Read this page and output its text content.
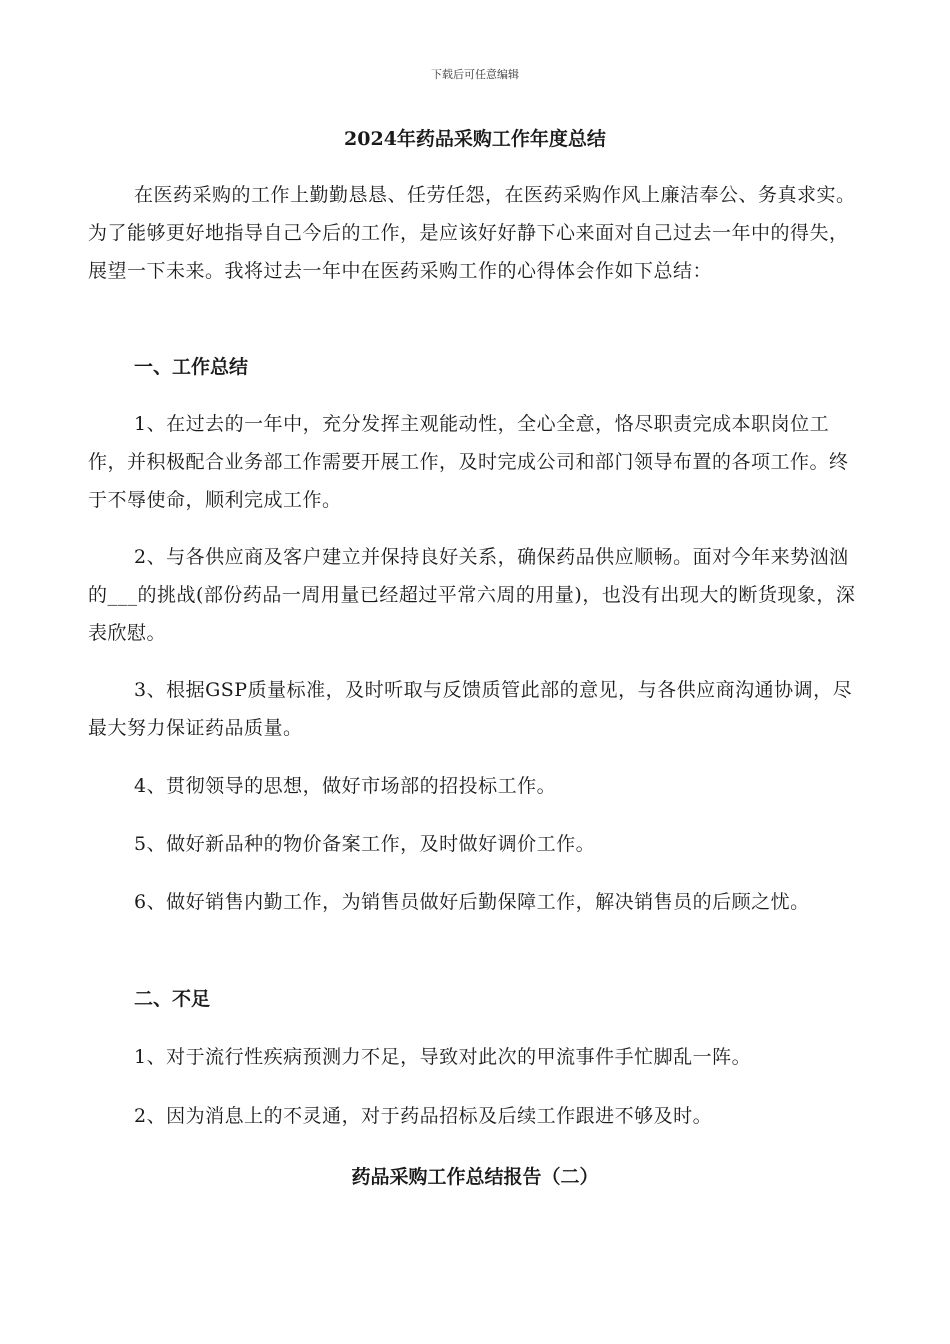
下载后可任意编辑
2024年药品采购工作年度总结

在医药采购的工作上勤勤恳恳、任劳任怨，在医药采购作风上廉洁奉公、务真求实。为了能够更好地指导自己今后的工作，是应该好好静下心来面对自己过去一年中的得失，展望一下未来。我将过去一年中在医药采购工作的心得体会作如下总结：

一、工作总结

1、在过去的一年中，充分发挥主观能动性，全心全意，恪尽职责完成本职岗位工作，并积极配合业务部工作需要开展工作，及时完成公司和部门领导布置的各项工作。终于不辱使命，顺利完成工作。

2、与各供应商及客户建立并保持良好关系，确保药品供应顺畅。面对今年来势汹汹的___的挑战(部份药品一周用量已经超过平常六周的用量)，也没有出现大的断货现象，深表欣慰。

3、根据GSP质量标准，及时听取与反馈质管此部的意见，与各供应商沟通协调，尽最大努力保证药品质量。

4、贯彻领导的思想，做好市场部的招投标工作。

5、做好新品种的物价备案工作，及时做好调价工作。

6、做好销售内勤工作，为销售员做好后勤保障工作，解决销售员的后顾之忧。

二、不足

1、对于流行性疾病预测力不足，导致对此次的甲流事件手忙脚乱一阵。

2、因为消息上的不灵通，对于药品招标及后续工作跟进不够及时。

药品采购工作总结报告（二）
